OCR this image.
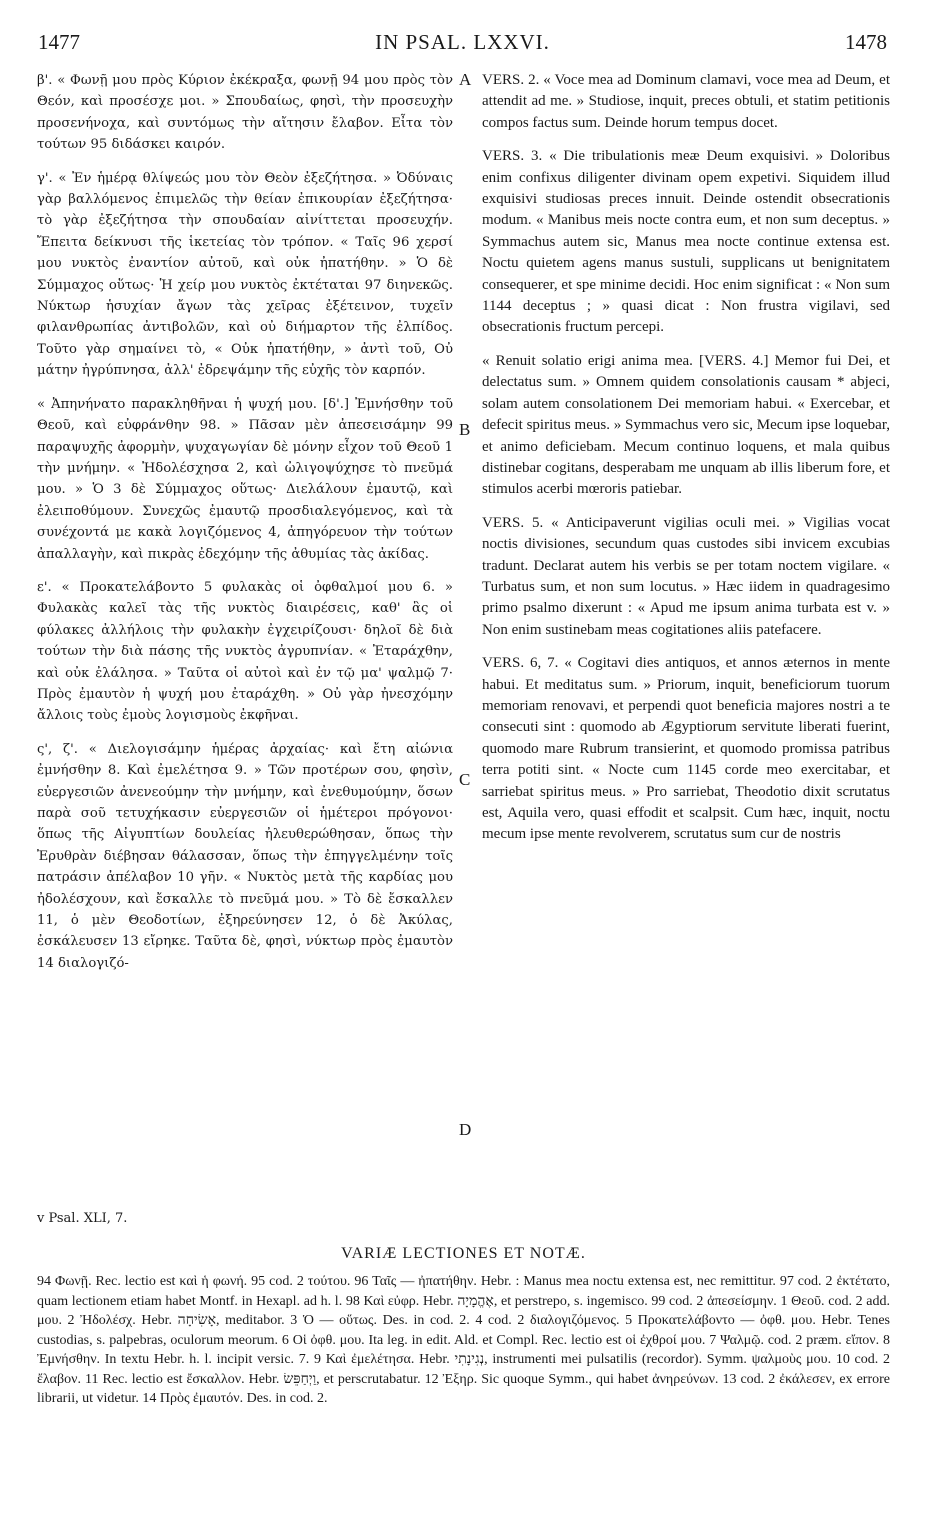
1477	IN PSAL. LXXVI.	1478

β'. « Φωνῇ μου πρὸς Κύριον ἐκέκραξα, φωνῇ 94 μου πρὸς τὸν Θεόν, καὶ προσέσχε μοι. » Σπουδαίως, φησὶ, τὴν προσευχὴν προσενήνοχα, καὶ συντόμως τὴν αἴτησιν ἔλαβον. Εἶτα τὸν τούτων 95 διδάσκει καιρόν.

γ'. « Ἐν ἡμέρᾳ θλίψεώς μου τὸν Θεὸν ἐξεζήτησα. » Ὀδύναις γὰρ βαλλόμενος ἐπιμελῶς τὴν θείαν ἐπικουρίαν ἐξεζήτησα· τὸ γὰρ ἐξεζήτησα τὴν σπουδαίαν αἰνίττεται προσευχήν. Ἔπειτα δείκνυσι τῆς ἱκετείας τὸν τρόπον. « Ταῖς 96 χερσί μου νυκτὸς ἐναντίον αὐτοῦ, καὶ οὐκ ἠπατήθην. » Ὁ δὲ Σύμμαχος οὕτως· Ἡ χείρ μου νυκτὸς ἐκτέταται 97 διηνεκῶς. Νύκτωρ ἡσυχίαν ἄγων τὰς χεῖρας ἐξέτεινον, τυχεῖν φιλανθρωπίας ἀντιβολῶν, καὶ οὐ διήμαρτον τῆς ἐλπίδος. Τοῦτο γὰρ σημαίνει τὸ, « Οὐκ ἠπατήθην, » ἀντὶ τοῦ, Οὐ μάτην ἠγρύπνησα, ἀλλ' ἐδρεψάμην τῆς εὐχῆς τὸν καρπόν.

« Ἀπηνήνατο παρακληθῆναι ἡ ψυχή μου. [δ'.] Ἐμνήσθην τοῦ Θεοῦ, καὶ εὐφράνθην 98. » Πᾶσαν μὲν ἀπεσεισάμην 99 παραψυχῆς ἀφορμὴν, ψυχαγωγίαν δὲ μόνην εἶχον τοῦ Θεοῦ 1 τὴν μνήμην. « Ἠδολέσχησα 2, καὶ ὠλιγοψύχησε τὸ πνεῦμά μου. » Ὁ 3 δὲ Σύμμαχος οὕτως· Διελάλουν ἐμαυτῷ, καὶ ἐλειποθύμουν. Συνεχῶς ἐμαυτῷ προσδιαλεγόμενος, καὶ τὰ συνέχοντά με κακὰ λογιζόμενος 4, ἀπηγόρευον τὴν τούτων ἀπαλλαγὴν, καὶ πικρὰς ἐδεχόμην τῆς ἀθυμίας τὰς ἀκίδας.

ε'. « Προκατελάβοντο 5 φυλακὰς οἱ ὀφθαλμοί μου 6. » Φυλακὰς καλεῖ τὰς τῆς νυκτὸς διαιρέσεις, καθ' ἃς οἱ φύλακες ἀλλήλοις τὴν φυλακὴν ἐγχειρίζουσι· δηλοῖ δὲ διὰ τούτων τὴν διὰ πάσης τῆς νυκτὸς ἀγρυπνίαν. « Ἐταράχθην, καὶ οὐκ ἐλάλησα. » Ταῦτα οἱ αὐτοὶ καὶ ἐν τῷ μα' ψαλμῷ 7· Πρὸς ἐμαυτὸν ἡ ψυχή μου ἐταράχθη. » Οὐ γὰρ ἠνεσχόμην ἄλλοις τοὺς ἐμοὺς λογισμοὺς ἐκφῆναι.

ς', ζ'. « Διελογισάμην ἡμέρας ἀρχαίας· καὶ ἔτη αἰώνια ἐμνήσθην 8. Καὶ ἐμελέτησα 9. » Τῶν προτέρων σου, φησὶν, εὐεργεσιῶν ἀνενεούμην τὴν μνήμην, καὶ ἐνεθυμούμην, ὅσων παρὰ σοῦ τετυχήκασιν εὐεργεσιῶν οἱ ἡμέτεροι πρόγονοι· ὅπως τῆς Αἰγυπτίων δουλείας ἠλευθερώθησαν, ὅπως τὴν Ἐρυθρὰν διέβησαν θάλασσαν, ὅπως τὴν ἐπηγγελμένην τοῖς πατράσιν ἀπέλαβον 10 γῆν. « Νυκτὸς μετὰ τῆς καρδίας μου ἠδολέσχουν, καὶ ἔσκαλλε τὸ πνεῦμά μου. » Τὸ δὲ ἔσκαλλεν 11, ὁ μὲν Θεοδοτίων, ἐξηρεύνησεν 12, ὁ δὲ Ἀκύλας, ἐσκάλευσεν 13 εἴρηκε. Ταῦτα δὲ, φησὶ, νύκτωρ πρὸς ἐμαυτὸν 14 διαλογιζό-

VERS. 2. « Voce mea ad Dominum clamavi, voce mea ad Deum, et attendit ad me. » Studiose, inquit, preces obtuli, et statim petitionis compos factus sum. Deinde horum tempus docet.

VERS. 3. « Die tribulationis meæ Deum exquisivi. » Doloribus enim confixus diligenter divinam opem expetivi. Siquidem illud exquisivi studiosas preces innuit. Deinde ostendit obsecrationis modum. « Manibus meis nocte contra eum, et non sum deceptus. » Symmachus autem sic, Manus mea nocte continue extensa est. Noctu quietem agens manus sustuli, supplicans ut benignitatem consequerer, et spe minime decidi. Hoc enim significat : « Non sum 1144 deceptus ; » quasi dicat : Non frustra vigilavi, sed obsecrationis fructum percepi.

« Renuit solatio erigi anima mea. [VERS. 4.] Memor fui Dei, et delectatus sum. » Omnem quidem consolationis causam * abjeci, solam autem consolationem Dei memoriam habui. « Exercebar, et defecit spiritus meus. » Symmachus vero sic, Mecum ipse loquebar, et animo deficiebam. Mecum continuo loquens, et mala quibus distinebar cogitans, desperabam me unquam ab illis liberum fore, et stimulos acerbi mœroris patiebar.

VERS. 5. « Anticipaverunt vigilias oculi mei. » Vigilias vocat noctis divisiones, secundum quas custodes sibi invicem excubias tradunt. Declarat autem his verbis se per totam noctem vigilare. « Turbatus sum, et non sum locutus. » Hæc iidem in quadragesimo primo psalmo dixerunt : « Apud me ipsum anima turbata est v. » Non enim sustinebam meas cogitationes aliis patefacere.

VERS. 6, 7. « Cogitavi dies antiquos, et annos æternos in mente habui. Et meditatus sum. » Priorum, inquit, beneficiorum tuorum memoriam renovavi, et perpendi quot beneficia majores nostri a te consecuti sint : quomodo ab Ægyptiorum servitute liberati fuerint, quomodo mare Rubrum transierint, et quomodo promissa patribus terra potiti sint. « Nocte cum 1145 corde meo exercitabar, et sarriebat spiritus meus. » Pro sarriebat, Theodotio dixit scrutatus est, Aquila vero, quasi effodit et scalpsit. Cum hæc, inquit, noctu mecum ipse mente revolverem, scrutatus sum cur de nostris

A
B
C
D
v Psal. XLI, 7.
VARIÆ LECTIONES ET NOTÆ.
94 Φωνῇ. Rec. lectio est καὶ ἡ φωνή. 95 cod. 2 τούτου. 96 Ταῖς — ἠπατήθην. Hebr. : Manus mea noctu extensa est, nec remittitur. 97 cod. 2 ἐκτέτατο, quam lectionem etiam habet Montf. in Hexapl. ad h. l. 98 Καὶ εὐφρ. Hebr. אֶהֱמָיָה, et perstrepo, s. ingemisco. 99 cod. 2 ἀπεσείσμην. 1 Θεοῦ. cod. 2 add. μου. 2 Ἠδολέσχ. Hebr. אָשִׂיחָה, meditabor. 3 Ὁ — οὕτως. Des. in cod. 2. 4 cod. 2 διαλογιζόμενος. 5 Προκατελάβοντο — ὀφθ. μου. Hebr. Tenes custodias, s. palpebras, oculorum meorum. 6 Οἱ ὀφθ. μου. Ita leg. in edit. Ald. et Compl. Rec. lectio est οἱ ἐχθροί μου. 7 Ψαλμῷ. cod. 2 præm. εἴπον. 8 Ἐμνήσθην. In textu Hebr. h. l. incipit versic. 7. 9 Καὶ ἐμελέτησα. Hebr. נְגִינָתִי, instrumenti mei pulsatilis (recordor). Symm. ψαλμοὺς μου. 10 cod. 2 ἔλαβον. 11 Rec. lectio est ἔσκαλλον. Hebr. וַיְחַפֵּשׂ, et perscrutabatur. 12 Ἐξηρ. Sic quoque Symm., qui habet ἀνηρεύνων. 13 cod. 2 ἐκάλεσεν, ex errore librarii, ut videtur. 14 Πρὸς ἐμαυτόν. Des. in cod. 2.
